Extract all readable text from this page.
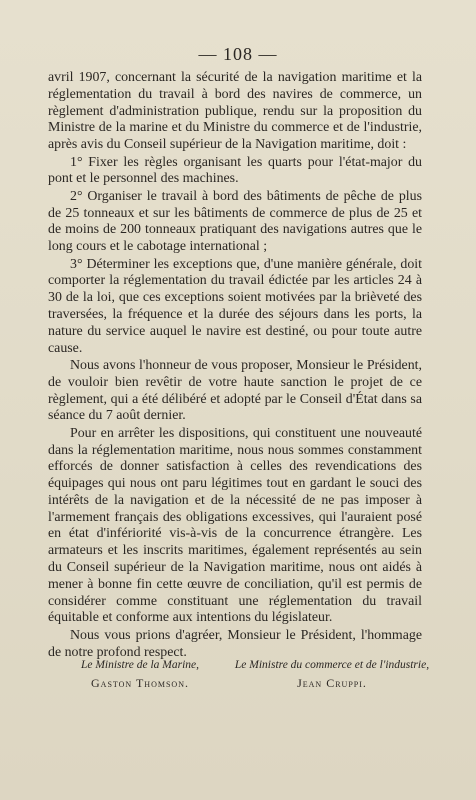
— 108 —

avril 1907, concernant la sécurité de la navigation maritime et la réglementation du travail à bord des navires de commerce, un règlement d'administration publique, rendu sur la proposition du Ministre de la marine et du Ministre du commerce et de l'industrie, après avis du Conseil supérieur de la Navigation maritime, doit :

1° Fixer les règles organisant les quarts pour l'état-major du pont et le personnel des machines.

2° Organiser le travail à bord des bâtiments de pêche de plus de 25 tonneaux et sur les bâtiments de commerce de plus de 25 et de moins de 200 tonneaux pratiquant des navigations autres que le long cours et le cabotage international ;

3° Déterminer les exceptions que, d'une manière générale, doit comporter la réglementation du travail édictée par les articles 24 à 30 de la loi, que ces exceptions soient motivées par la brièveté des traversées, la fréquence et la durée des séjours dans les ports, la nature du service auquel le navire est destiné, ou pour toute autre cause.

Nous avons l'honneur de vous proposer, Monsieur le Président, de vouloir bien revêtir de votre haute sanction le projet de ce règlement, qui a été délibéré et adopté par le Conseil d'État dans sa séance du 7 août dernier.

Pour en arrêter les dispositions, qui constituent une nouveauté dans la réglementation maritime, nous nous sommes constamment efforcés de donner satisfaction à celles des revendications des équipages qui nous ont paru légitimes tout en gardant le souci des intérêts de la navigation et de la nécessité de ne pas imposer à l'armement français des obligations excessives, qui l'auraient posé en état d'infériorité vis-à-vis de la concurrence étrangère. Les armateurs et les inscrits maritimes, également représentés au sein du Conseil supérieur de la Navigation maritime, nous ont aidés à mener à bonne fin cette œuvre de conciliation, qu'il est permis de considérer comme constituant une réglementation du travail équitable et conforme aux intentions du législateur.

Nous vous prions d'agréer, Monsieur le Président, l'hommage de notre profond respect.

Le Ministre de la Marine,
Gaston Thomson.
Le Ministre du commerce et de l'industrie,
Jean Cruppi.
